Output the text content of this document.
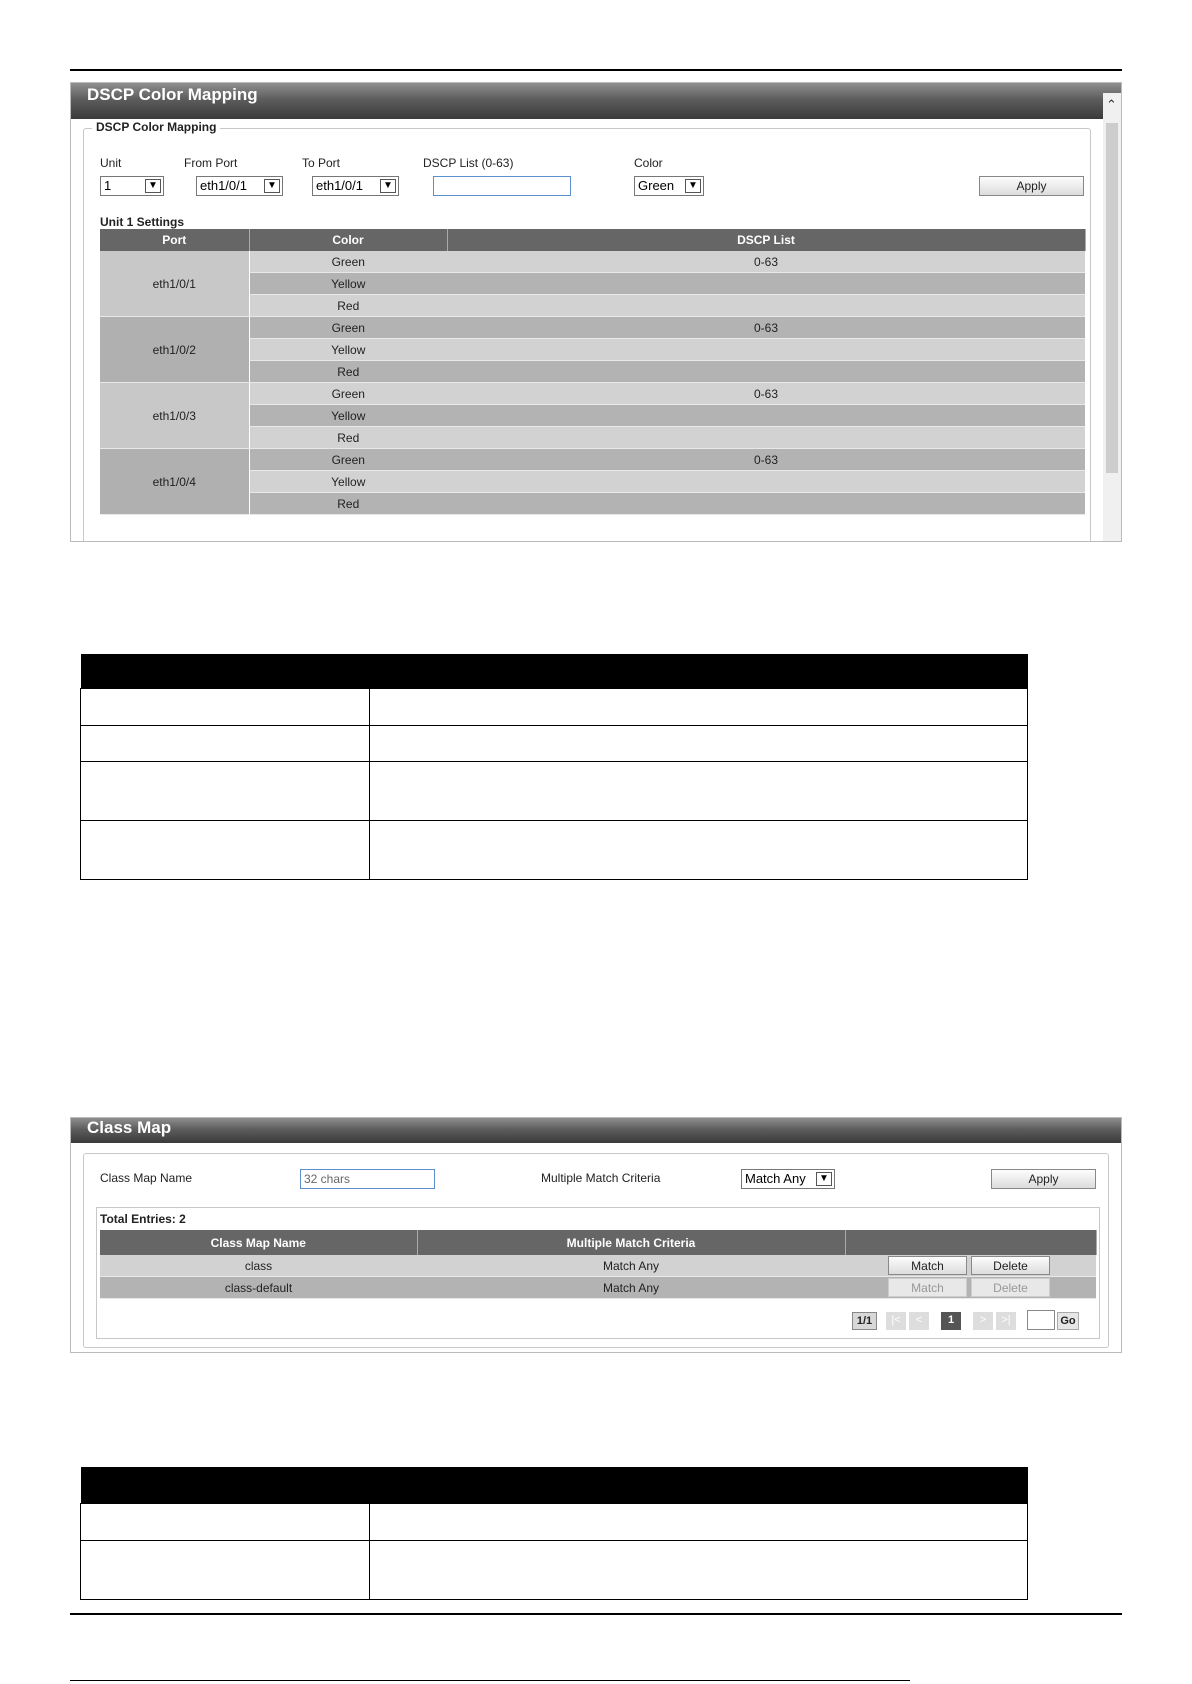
DSCP Color Mapping
⌃
DSCP Color Mapping
Unit	From Port	To Port	DSCP List (0-63)	Color
1	▼	eth1/0/1	▼	eth1/0/1	▼	Green	▼	Apply
Unit 1 Settings
Port	Color	DSCP List
eth1/0/1	Green	0-63
	Yellow	
	Red	
eth1/0/2	Green	0-63
	Yellow	
	Red	
eth1/0/3	Green	0-63
	Yellow	
	Red	
eth1/0/4	Green	0-63
	Yellow	
	Red	

Class Map
Class Map Name	32 chars	Multiple Match Criteria	Match Any	▼	Apply
Total Entries: 2
Class Map Name	Multiple Match Criteria	
class	Match Any	Match Delete

class-default	Match Any	Match Delete
1/1	|<	<	1	>	>|	Go
